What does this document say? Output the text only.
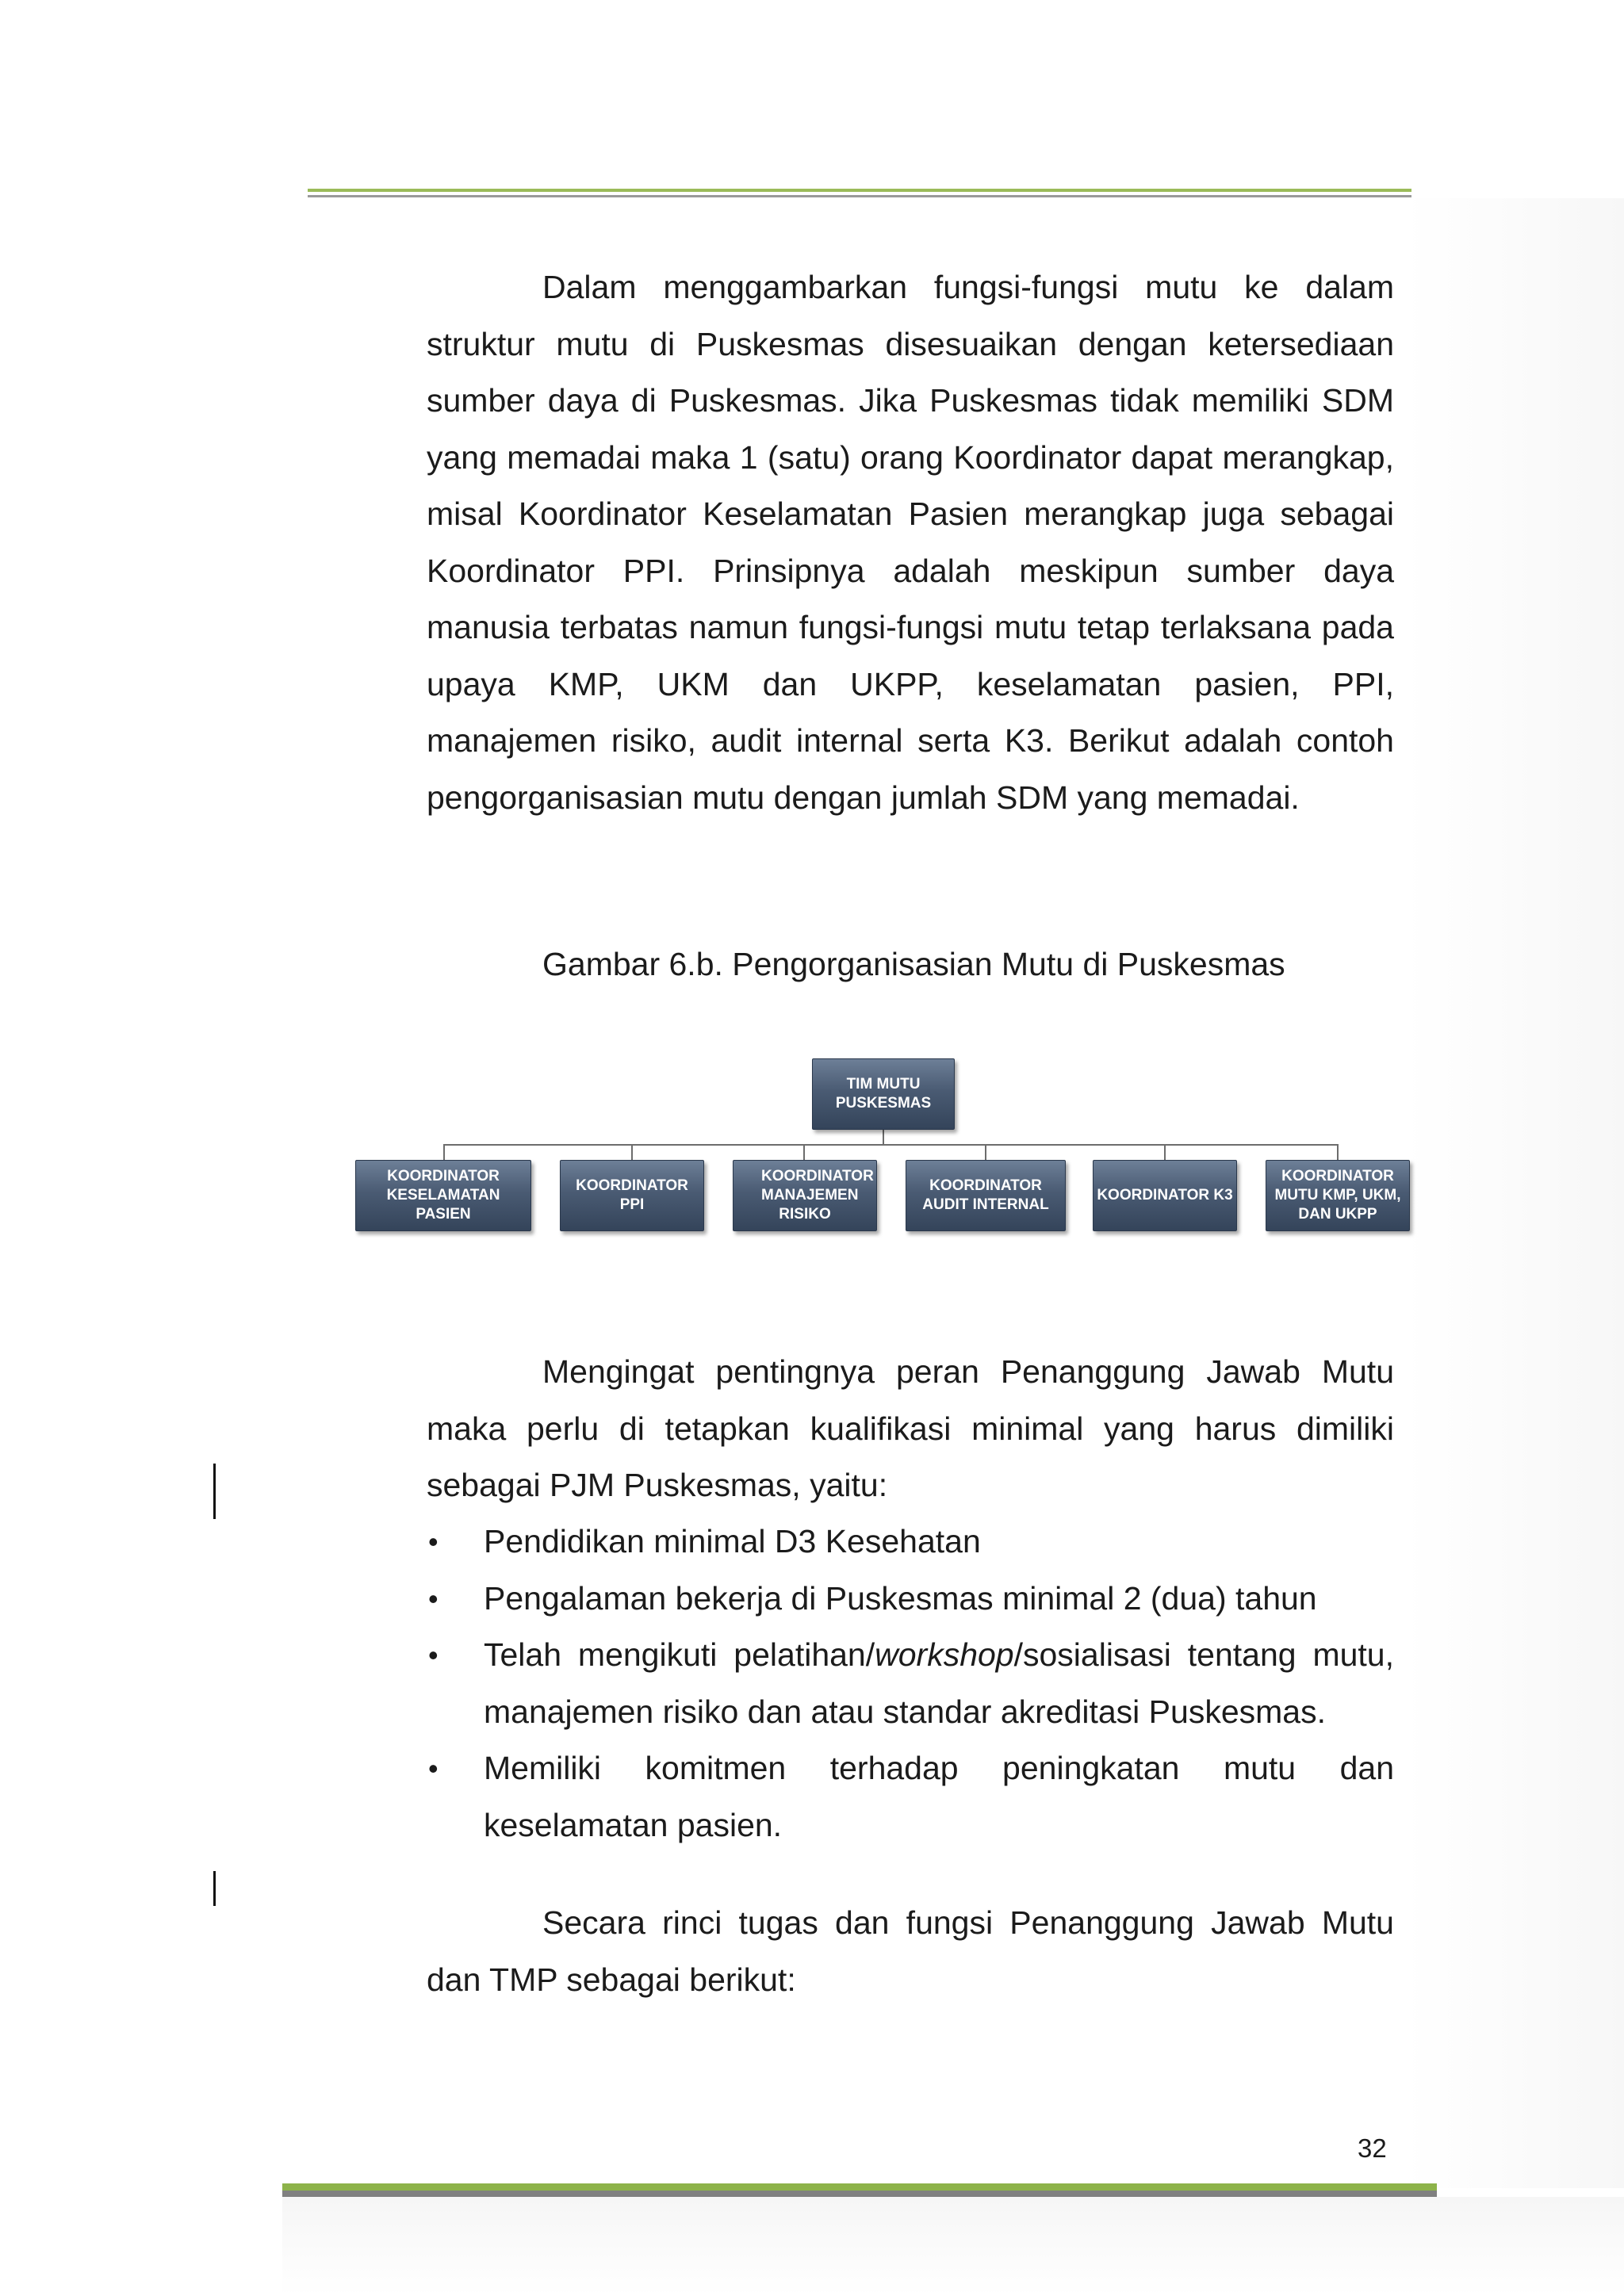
Dalam menggambarkan fungsi-fungsi mutu ke dalam struktur mutu di Puskesmas disesuaikan dengan ketersediaan sumber daya di Puskesmas. Jika Puskesmas tidak memiliki SDM yang memadai maka 1 (satu) orang Koordinator dapat merangkap, misal Koordinator Keselamatan Pasien merangkap juga sebagai Koordinator PPI. Prinsipnya adalah meskipun sumber daya manusia terbatas namun fungsi-fungsi mutu tetap terlaksana pada upaya KMP, UKM dan UKPP, keselamatan pasien, PPI, manajemen risiko, audit internal serta K3. Berikut adalah contoh pengorganisasian mutu dengan jumlah SDM yang memadai.

Gambar 6.b. Pengorganisasian Mutu di Puskesmas
TIM MUTU PUSKESMAS
KOORDINATOR KESELAMATAN PASIEN
KOORDINATOR PPI
KOORDINATOR MANAJEMEN RISIKO
KOORDINATOR AUDIT INTERNAL
KOORDINATOR K3
KOORDINATOR MUTU KMP, UKM, DAN UKPP

Mengingat pentingnya peran Penanggung Jawab Mutu maka perlu di tetapkan kualifikasi minimal yang harus dimiliki sebagai PJM Puskesmas, yaitu:

• Pendidikan minimal D3 Kesehatan
• Pengalaman bekerja di Puskesmas minimal 2 (dua) tahun
• Telah mengikuti pelatihan/workshop/sosialisasi tentang mutu, manajemen risiko dan atau standar akreditasi Puskesmas.
• Memiliki komitmen terhadap peningkatan mutu dan keselamatan pasien.

Secara rinci tugas dan fungsi Penanggung Jawab Mutu dan TMP sebagai berikut:

32
